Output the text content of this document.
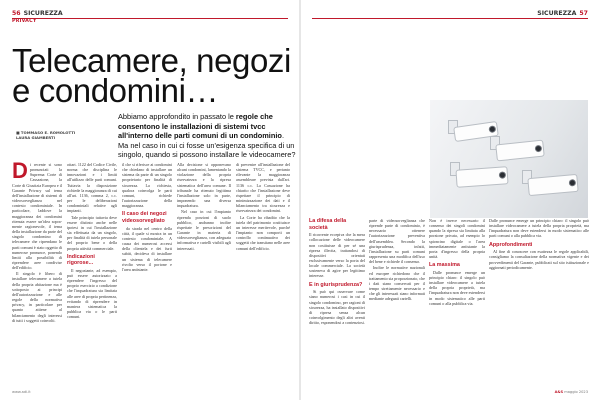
56 SICUREZZA
PRIVACY
■ TOMMASO E. ROMOLOTTI
LAURA GIAMBERTI

Di recente si sono pronunciati la Suprema Corte di Cassazione, la Corte di Giustizia Europea e il Garante Privacy sul tema dell'installazione di sistemi di videosorveglianza nel contesto condominiale. In particolare, laddove la maggioranza dei condomini ritenuta essere un'idea sopra-mente ragionevole, il tema della installazione da parte del singolo condomino di telecamere che riprendano le parti comuni è stato oggetto di numerose pronunce, ponendo limiti alla possibilità di riprendere aree condivise dell'edificio.

Il singolo è libero di installare telecamere a tutela della propria abitazione ma è sottoposto ai principi dell'autorizzazione e alle regole della normativa privacy, in particolare per quanto attiene al bilanciamento degli interessi di tutti i soggetti coinvolti.

ottart. 1122 del Codice Civile, norma che disciplina le innovazioni e i limiti all'utilizzo delle parti comuni. Tuttavia la disposizione richiede la maggioranza di cui all'art. 1136, comma 2, c.c. per le deliberazioni condominiali relative agli impianti.

Tale principio tuttavia deve essere distinto anche nelle ipotesi in cui l'installazione sia effettuata da un singolo, per finalità di tutela personale del proprio bene o della propria attività commerciale.

Indicazioni rigorose...

Il negoziante, ad esempio, può essere autorizzato a riprendere l'ingresso del proprio esercizio a condizione che l'inquadratura sia limitata alle aree di propria pertinenza, evitando di riprendere in maniera sistematica la pubblica via o le parti comuni.

il che si riferisce ai condomini che chiedano di installare un sistema da parte di un singolo proprietario per finalità di sicurezza. La richiesta, qualora coinvolga le parti comuni, richiede l'autorizzazione della maggioranza.

Il caso dei negozi videosorvegliato

da strada nel centro della città, il quale si mostra in un contesto condominiale. A causa dei numerosi accessi della clientela e dei furti subiti, decideva di installare un sistema di telecamere rivolto verso il portone e l'area antistante.

Alla decisione si opponevano alcuni condomini, lamentando la violazione della propria riservatezza e la ripresa sistematica dell'area comune. Il tribunale ha ritenuto legittima l'installazione solo in parte, imponendo una diversa inquadratura.

Nel caso in cui l'impianto riprenda porzioni di suolo pubblico, andranno inoltre rispettate le prescrizioni del Garante in materia di videosorveglianza, con adeguata informativa e cartelli visibili agli interessati.

di prevenire all'installazione del sistema TVCC, e pertanto rilevante la maggioranza assembleare prevista dall'art. 1136 c.c. La Cassazione ha chiarito che l'installazione deve rispettare il principio di minimizzazione dei dati e il bilanciamento tra sicurezza e riservatezza dei condomini.

La Corte ha ribadito che la tutela del patrimonio costituisce un interesse meritevole, purché l'impianto non comporti un controllo continuativo dei soggetti che transitano nelle aree comuni dell'edificio.

www.adi.it
SICUREZZA 57
La difesa della società

Il ricorrente eccepiva che la mera collocazione delle videocamere non costituisse di per sé una ripresa illecita, trattandosi di dispositivi orientati esclusivamente verso la porta del locale commerciale. La società sosteneva di agire per legittimo interesse.

E in giurisprudenza?

Si può qui osservare come siano numerosi i casi in cui il singolo condomino, per ragioni di sicurezza, ha installato dispositivi di ripresa senza alcun coinvolgimento degli altri aventi diritto, esponendosi a contenziosi.

parte di videosorveglianza che riprende parte di condominio, è necessario ottenere l'autorizzazione preventiva dell'assemblea. Secondo la giurisprudenza, infatti, l'installazione su parti comuni rappresenta una modifica dell'uso del bene e richiede il consenso.

Inoltre le normative nazionali ed europee richiedono che il trattamento sia proporzionato, che i dati siano conservati per il tempo strettamente necessario e che gli interessati siano informati mediante adeguati cartelli.

Non è invece necessario il consenso dei singoli condomini quando la ripresa sia limitata alla porzione privata, ad esempio lo spioncino digitale o l'area immediatamente antistante la porta d'ingresso della propria unità.

La massima

Dalle pronunce emerge un principio chiaro: il singolo può installare videocamere a tutela della propria proprietà, ma l'inquadratura non deve estendersi in modo sistematico alle parti comuni o alla pubblica via.

Dalle pronunce emerge un principio chiaro: il singolo può installare videocamere a tutela della propria proprietà, ma l'inquadratura non deve estendersi in modo sistematico alle parti comuni o alla pubblica via.

Approfondimenti

Al fine di conoscere con esattezza le regole applicabili, consigliamo la consultazione della normativa vigente e dei provvedimenti del Garante, pubblicati sul sito istituzionale e aggiornati periodicamente.

A&S maggio 2023
Telecamere, negozi
e condomini…
Abbiamo approfondito in passato le regole che consentono le installazioni di sistemi tvcc all'interno delle parti comuni di un condominio. Ma nel caso in cui ci fosse un'esigenza specifica di un singolo, quando si possono installare le videocamere?
